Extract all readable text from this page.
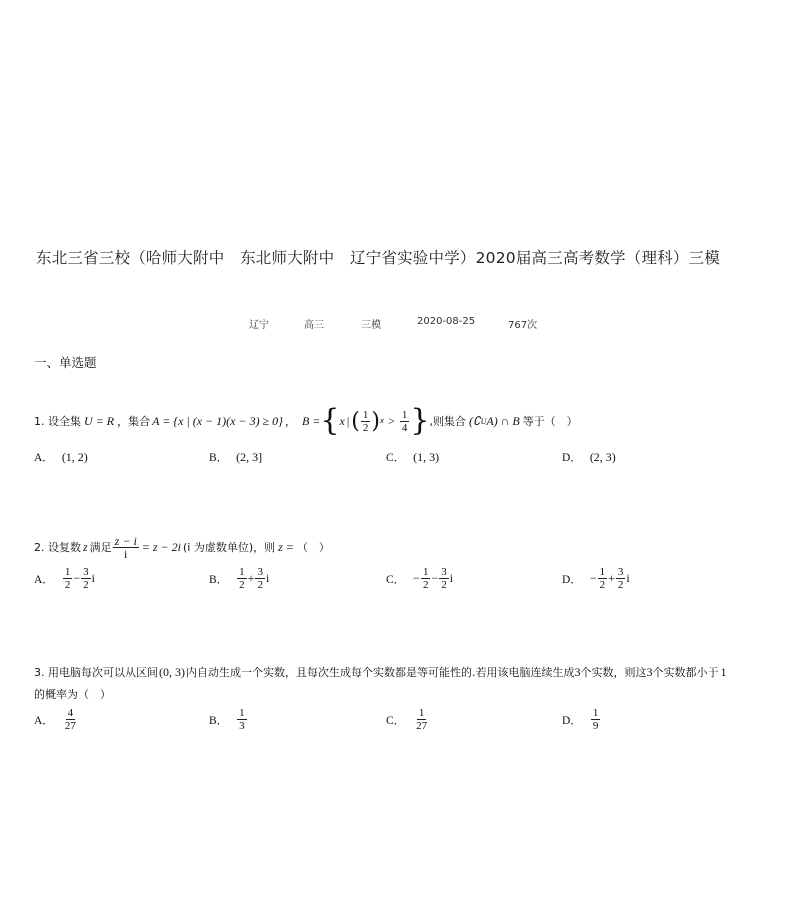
东北三省三校（哈师大附中　东北师大附中　辽宁省实验中学）2020届高三高考数学（理科）三模
辽宁	高三	三模	2020-08-25	767次
一、单选题
1.
设全集 U = R ，集合 A = {x | (x − 1)(x − 3) ≥ 0} ， B = { x | ( $\frac{1}{2}$ ) $x > \frac{1}{4}$ } ,则集合 (∁ U A) ∩ B 等于（　）
A． (1, 2)	B． (2, 3]	C． (1, 3)	D． (2, 3)
2.
设复数 z 满足 $\frac{z - i}{i} = z - 2i$ (i 为虚数单位)，则 z = （　）
A． $\frac{1}{2} - \frac{3}{2}$ i	B． $\frac{1}{2} + \frac{3}{2}$ i	C． − $\frac{1}{2} - \frac{3}{2}$ i	D． − $\frac{1}{2} + \frac{3}{2}$ i
3. 用电脑每次可以从区间 (0, 3) 内自动生成一个实数，且每次生成每个实数都是等可能性的.若用该电脑连续生成 3 个实数，则这 3 个实数都小于 1
的概率为（　）
A． $\frac{4}{27}$	B． $\frac{1}{3}$	C． $\frac{1}{27}$	D． $\frac{1}{9}$
